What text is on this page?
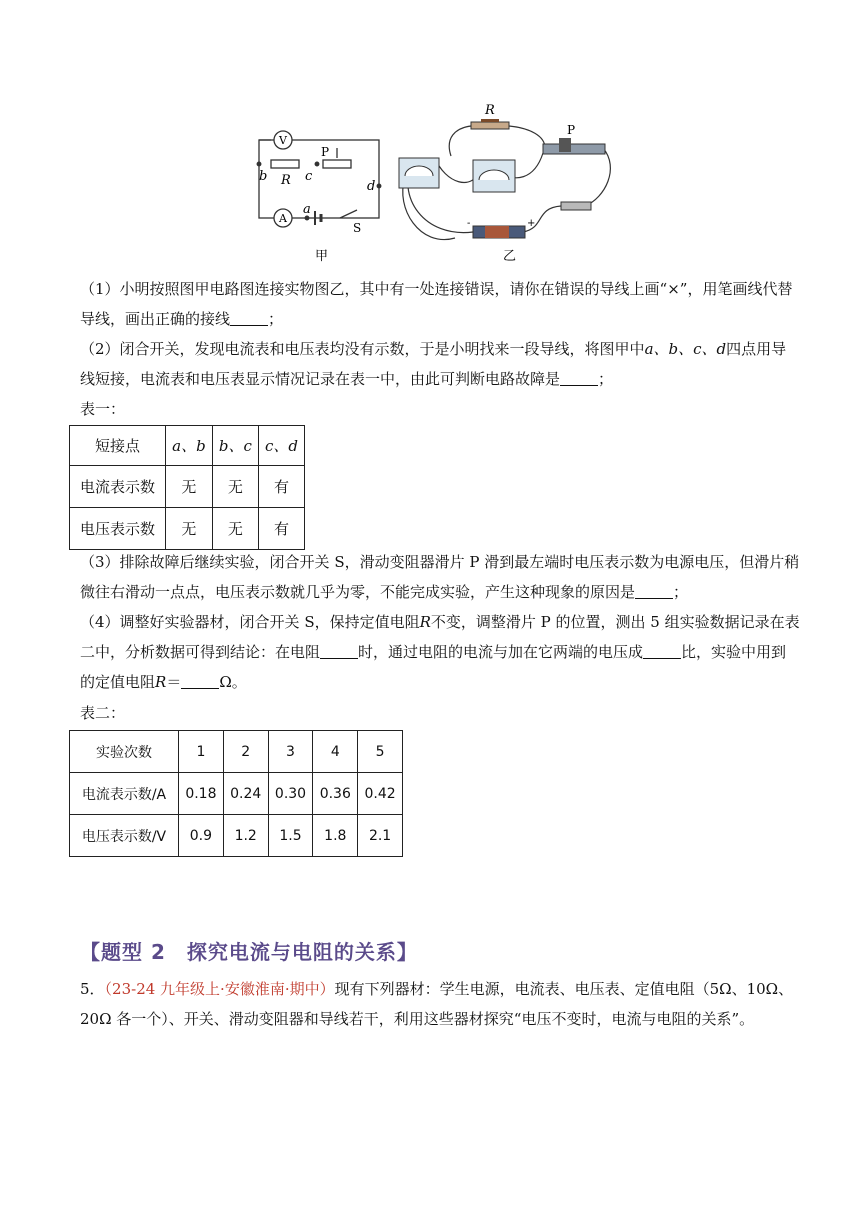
V
A
R
P
b	c
d
a
S
甲
R
P
-	+
乙

（1）小明按照图甲电路图连接实物图乙，其中有一处连接错误，请你在错误的导线上画“×”，用笔画线代替导线，画出正确的接线	；

（2）闭合开关，发现电流表和电压表均没有示数，于是小明找来一段导线，将图甲中a、b、c、d四点用导线短接，电流表和电压表显示情况记录在表一中，由此可判断电路故障是	；

表一：
短接点	a、b	b、c	c、d
电流表示数	无	无	有
电压表示数	无	无	有

（3）排除故障后继续实验，闭合开关 S，滑动变阻器滑片 P 滑到最左端时电压表示数为电源电压，但滑片稍微往右滑动一点点，电压表示数就几乎为零，不能完成实验，产生这种现象的原因是	；

（4）调整好实验器材，闭合开关 S，保持定值电阻R不变，调整滑片 P 的位置，测出 5 组实验数据记录在表二中，分析数据可得到结论：在电阻	时，通过电阻的电流与加在它两端的电压成	比，实验中用到的定值电阻R＝	Ω。

表二：
实验次数	1	2	3	4	5
电流表示数/A	0.18	0.24	0.30	0.36	0.42
电压表示数/V	0.9	1.2	1.5	1.8	2.1
【题型 2　探究电流与电阻的关系】

5．（23-24 九年级上·安徽淮南·期中）现有下列器材：学生电源，电流表、电压表、定值电阻（5Ω、10Ω、20Ω 各一个）、开关、滑动变阻器和导线若干，利用这些器材探究“电压不变时，电流与电阻的关系”。
